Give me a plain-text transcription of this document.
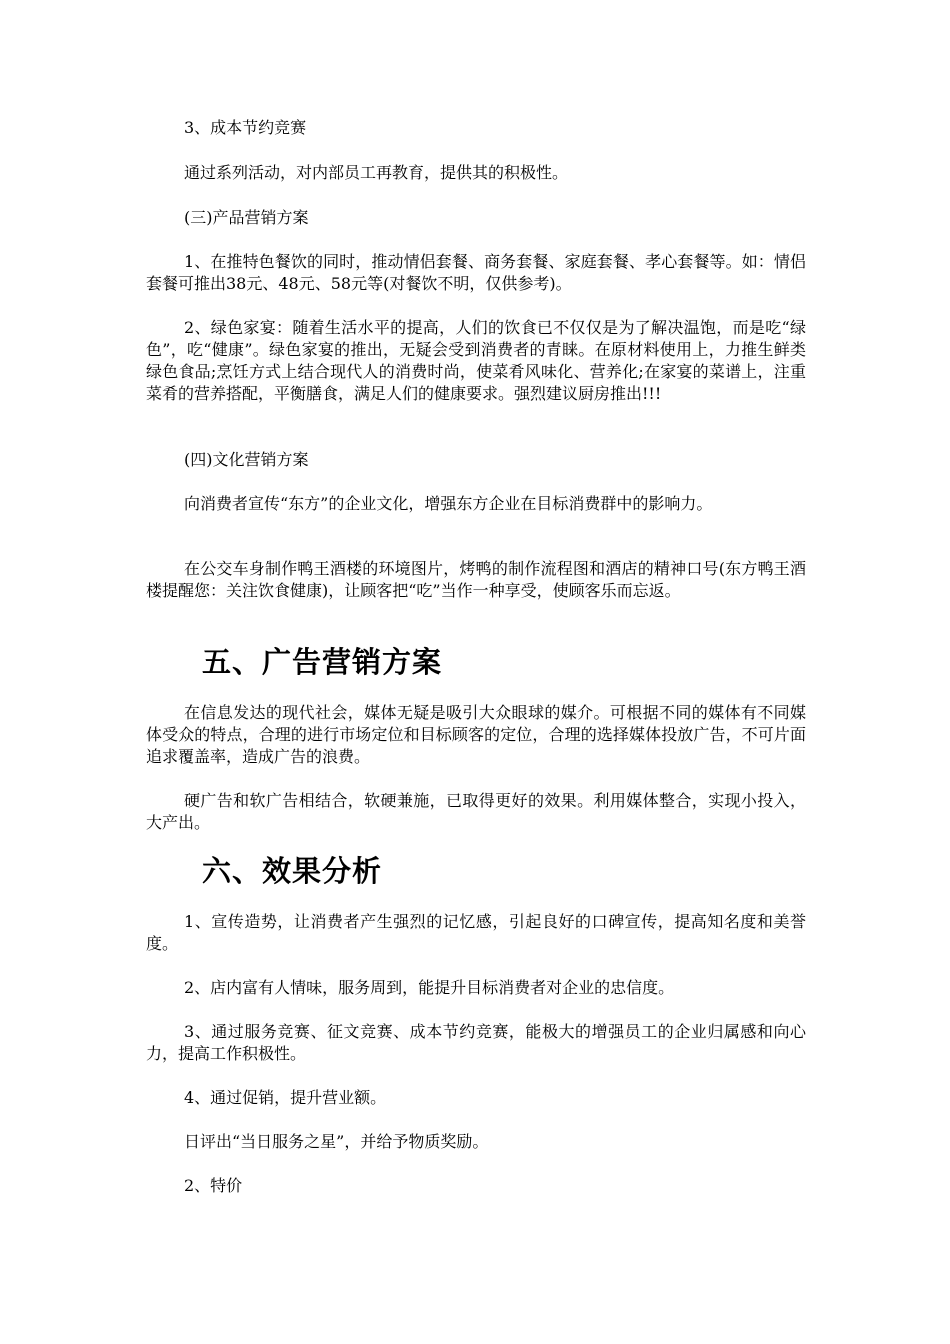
3、成本节约竞赛

通过系列活动，对内部员工再教育，提供其的积极性。

(三)产品营销方案

1、在推特色餐饮的同时，推动情侣套餐、商务套餐、家庭套餐、孝心套餐等。如：情侣套餐可推出38元、48元、58元等(对餐饮不明，仅供参考)。

2、绿色家宴：随着生活水平的提高，人们的饮食已不仅仅是为了解决温饱，而是吃“绿色”，吃“健康”。绿色家宴的推出，无疑会受到消费者的青睐。在原材料使用上，力推生鲜类绿色食品;烹饪方式上结合现代人的消费时尚，使菜肴风味化、营养化;在家宴的菜谱上，注重菜肴的营养搭配，平衡膳食，满足人们的健康要求。强烈建议厨房推出!!!

(四)文化营销方案

向消费者宣传“东方”的企业文化，增强东方企业在目标消费群中的影响力。

在公交车身制作鸭王酒楼的环境图片，烤鸭的制作流程图和酒店的精神口号(东方鸭王酒楼提醒您：关注饮食健康)，让顾客把“吃”当作一种享受，使顾客乐而忘返。

五、广告营销方案

在信息发达的现代社会，媒体无疑是吸引大众眼球的媒介。可根据不同的媒体有不同媒体受众的特点，合理的进行市场定位和目标顾客的定位，合理的选择媒体投放广告，不可片面追求覆盖率，造成广告的浪费。

硬广告和软广告相结合，软硬兼施，已取得更好的效果。利用媒体整合，实现小投入，大产出。

六、效果分析

1、宣传造势，让消费者产生强烈的记忆感，引起良好的口碑宣传，提高知名度和美誉度。

2、店内富有人情味，服务周到，能提升目标消费者对企业的忠信度。

3、通过服务竞赛、征文竞赛、成本节约竞赛，能极大的增强员工的企业归属感和向心力，提高工作积极性。

4、通过促销，提升营业额。

日评出“当日服务之星”，并给予物质奖励。

2、特价
